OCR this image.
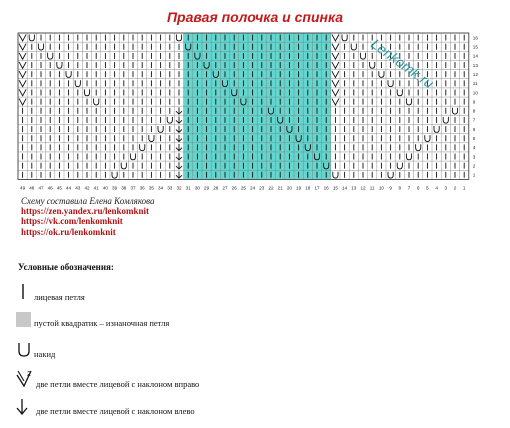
Правая полочка и спинка
49 48 47 46 45 44 43 42 41 40 39 38 37 36 35 34 33 32 31 30 29 28 27 26 25 24 23 22 21 20 19 18 17 16 15 14 13 12 11 10 9 8 7 6 5 4 3 2 1
16
15
14
13
12
11
10
9
8
7
6
5
4
3
2
1
Lenkomk.ru
Схему составила Елена Комлякова
https://zen.yandex.ru/lenkomknit
https://vk.com/lenkomknit
https://ok.ru/lenkomknit
Условные обозначения:
лицевая петля
пустой квадратик – изнаночная петля
накид
2
две петли вместе лицевой с наклоном вправо
две петли вместе лицевой с наклоном влево
